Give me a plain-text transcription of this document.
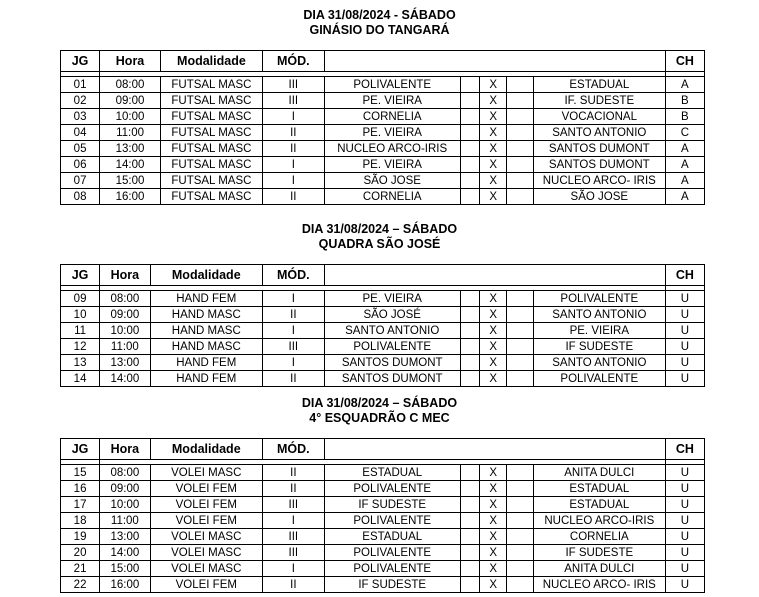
DIA 31/08/2024 - SÁBADO
GINÁSIO DO TANGARÁ
JG	Hora	Modalidade	MÓD.						CH

01	08:00	FUTSAL MASC	III	POLIVALENTE		X		ESTADUAL	A
02	09:00	FUTSAL MASC	III	PE. VIEIRA		X		IF. SUDESTE	B
03	10:00	FUTSAL MASC	I	CORNELIA		X		VOCACIONAL	B
04	11:00	FUTSAL MASC	II	PE. VIEIRA		X		SANTO ANTONIO	C
05	13:00	FUTSAL MASC	II	NUCLEO ARCO-IRIS		X		SANTOS DUMONT	A
06	14:00	FUTSAL MASC	I	PE. VIEIRA		X		SANTOS DUMONT	A
07	15:00	FUTSAL MASC	I	SÃO JOSE		X		NUCLEO ARCO- IRIS	A
08	16:00	FUTSAL MASC	II	CORNELIA		X		SÃO JOSE	A
DIA 31/08/2024 – SÁBADO
QUADRA SÃO JOSÉ
JG	Hora	Modalidade	MÓD.						CH

09	08:00	HAND FEM	I	PE. VIEIRA		X		POLIVALENTE	U
10	09:00	HAND MASC	II	SÃO JOSÉ		X		SANTO ANTONIO	U
11	10:00	HAND MASC	I	SANTO ANTONIO		X		PE. VIEIRA	U
12	11:00	HAND MASC	III	POLIVALENTE		X		IF SUDESTE	U
13	13:00	HAND FEM	I	SANTOS DUMONT		X		SANTO ANTONIO	U
14	14:00	HAND FEM	II	SANTOS DUMONT		X		POLIVALENTE	U
DIA 31/08/2024 – SÁBADO
4° ESQUADRÃO C MEC
JG	Hora	Modalidade	MÓD.						CH

15	08:00	VOLEI MASC	II	ESTADUAL		X		ANITA DULCI	U
16	09:00	VOLEI FEM	II	POLIVALENTE		X		ESTADUAL	U
17	10:00	VOLEI FEM	III	IF SUDESTE		X		ESTADUAL	U
18	11:00	VOLEI FEM	I	POLIVALENTE		X		NUCLEO ARCO-IRIS	U
19	13:00	VOLEI MASC	III	ESTADUAL		X		CORNELIA	U
20	14:00	VOLEI MASC	III	POLIVALENTE		X		IF SUDESTE	U
21	15:00	VOLEI MASC	I	POLIVALENTE		X		ANITA DULCI	U
22	16:00	VOLEI FEM	II	IF SUDESTE		X		NUCLEO ARCO- IRIS	U
